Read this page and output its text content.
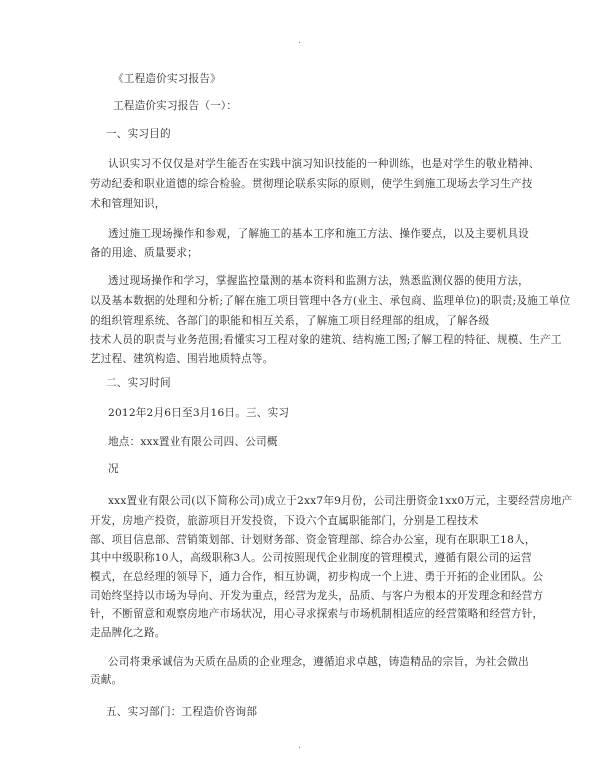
.
《工程造价实习报告》
工程造价实习报告（一）：
一、实习目的
认识实习不仅仅是对学生能否在实践中演习知识技能的一种训练，也是对学生的敬业精神、
劳动纪委和职业道德的综合检验。贯彻理论联系实际的原则，使学生到施工现场去学习生产技
术和管理知识，
透过施工现场操作和参观，了解施工的基本工序和施工方法、操作要点，以及主要机具设
备的用途、质量要求；
透过现场操作和学习，掌握监控量测的基本资料和监测方法，熟悉监测仪器的使用方法，
以及基本数据的处理和分析;了解在施工项目管理中各方(业主、承包商、监理单位)的职责;及施工单位
的组织管理系统、各部门的职能和相互关系，了解施工项目经理部的组成，了解各级
技术人员的职责与业务范围;看懂实习工程对象的建筑、结构施工图;了解工程的特征、规模、生产工
艺过程、建筑构造、围岩地质特点等。
二、实习时间
2012年2月6日至3月16日。三、实习
地点：xxx置业有限公司四、公司概
况
xxx置业有限公司(以下简称公司)成立于2xx7年9月份，公司注册资金1xx0万元，主要经营房地产
开发，房地产投资，旅游项目开发投资，下设六个直属职能部门，分别是工程技术
部、项目信息部、营销策划部、计划财务部、资金管理部、综合办公室，现有在职职工18人，
其中中级职称10人，高级职称3人。公司按照现代企业制度的管理模式，遵循有限公司的运营
模式，在总经理的领导下，通力合作，相互协调，初步构成一个上进、勇于开拓的企业团队。公
司始终坚持以市场为导向、开发为重点，经营为龙头，品质、与客户为根本的开发理念和经营方
针，不断留意和观察房地产市场状况，用心寻求探索与市场机制相适应的经营策略和经营方针，
走品牌化之路。
公司将秉承诚信为天质在品质的企业理念，遵循追求卓越，铸造精品的宗旨，为社会做出
贡献。
五、实习部门：工程造价咨询部
.
